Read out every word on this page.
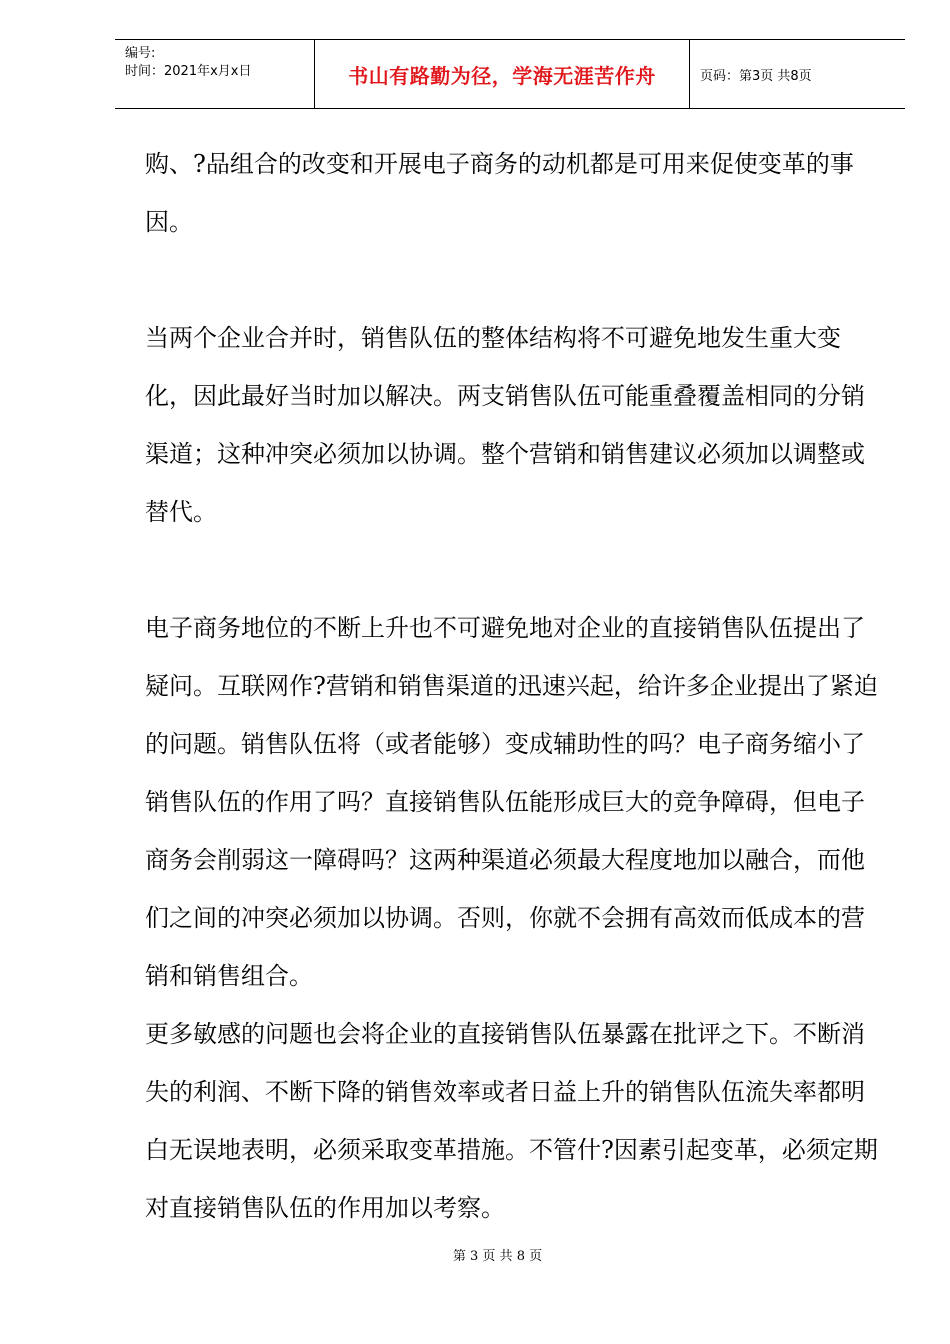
编号:
时间：2021年x月x日	书山有路勤为径，学海无涯苦作舟	页码：第3页 共8页

购、?品组合的改变和开展电子商务的动机都是可用来促使变革的事因。

当两个企业合并时，销售队伍的整体结构将不可避免地发生重大变化，因此最好当时加以解决。两支销售队伍可能重叠覆盖相同的分销渠道；这种冲突必须加以协调。整个营销和销售建议必须加以调整或替代。

电子商务地位的不断上升也不可避免地对企业的直接销售队伍提出了疑问。互联网作?营销和销售渠道的迅速兴起，给许多企业提出了紧迫的问题。销售队伍将（或者能够）变成辅助性的吗？电子商务缩小了销售队伍的作用了吗？直接销售队伍能形成巨大的竞争障碍，但电子商务会削弱这一障碍吗？这两种渠道必须最大程度地加以融合，而他们之间的冲突必须加以协调。否则，你就不会拥有高效而低成本的营销和销售组合。

更多敏感的问题也会将企业的直接销售队伍暴露在批评之下。不断消失的利润、不断下降的销售效率或者日益上升的销售队伍流失率都明白无误地表明，必须采取变革措施。不管什?因素引起变革，必须定期对直接销售队伍的作用加以考察。

第 3 页 共 8 页
